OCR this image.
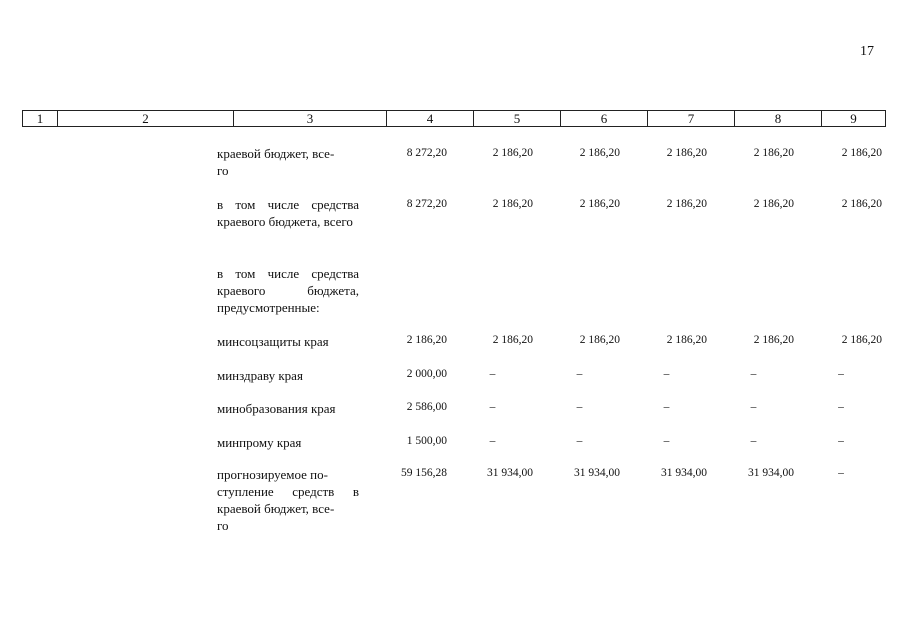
17
1	2	3	4	5	6	7	8	9
краевой бюджет, все-
го
8 272,20	2 186,20	2 186,20	2 186,20	2 186,20	2 186,20
в том числе средства краевого бюджета, всего
8 272,20	2 186,20	2 186,20	2 186,20	2 186,20	2 186,20
в том числе средства краевого бюджета, предусмотренные:
минсоцзащиты края	2 186,20	2 186,20	2 186,20	2 186,20	2 186,20	2 186,20
минздраву края	2 000,00	–	–	–	–	–
минобразования края	2 586,00	–	–	–	–	–
минпрому края	1 500,00	–	–	–	–	–
прогнозируемое по-
ступление средств в краевой бюджет, все-
го
59 156,28	31 934,00	31 934,00	31 934,00	31 934,00	–
